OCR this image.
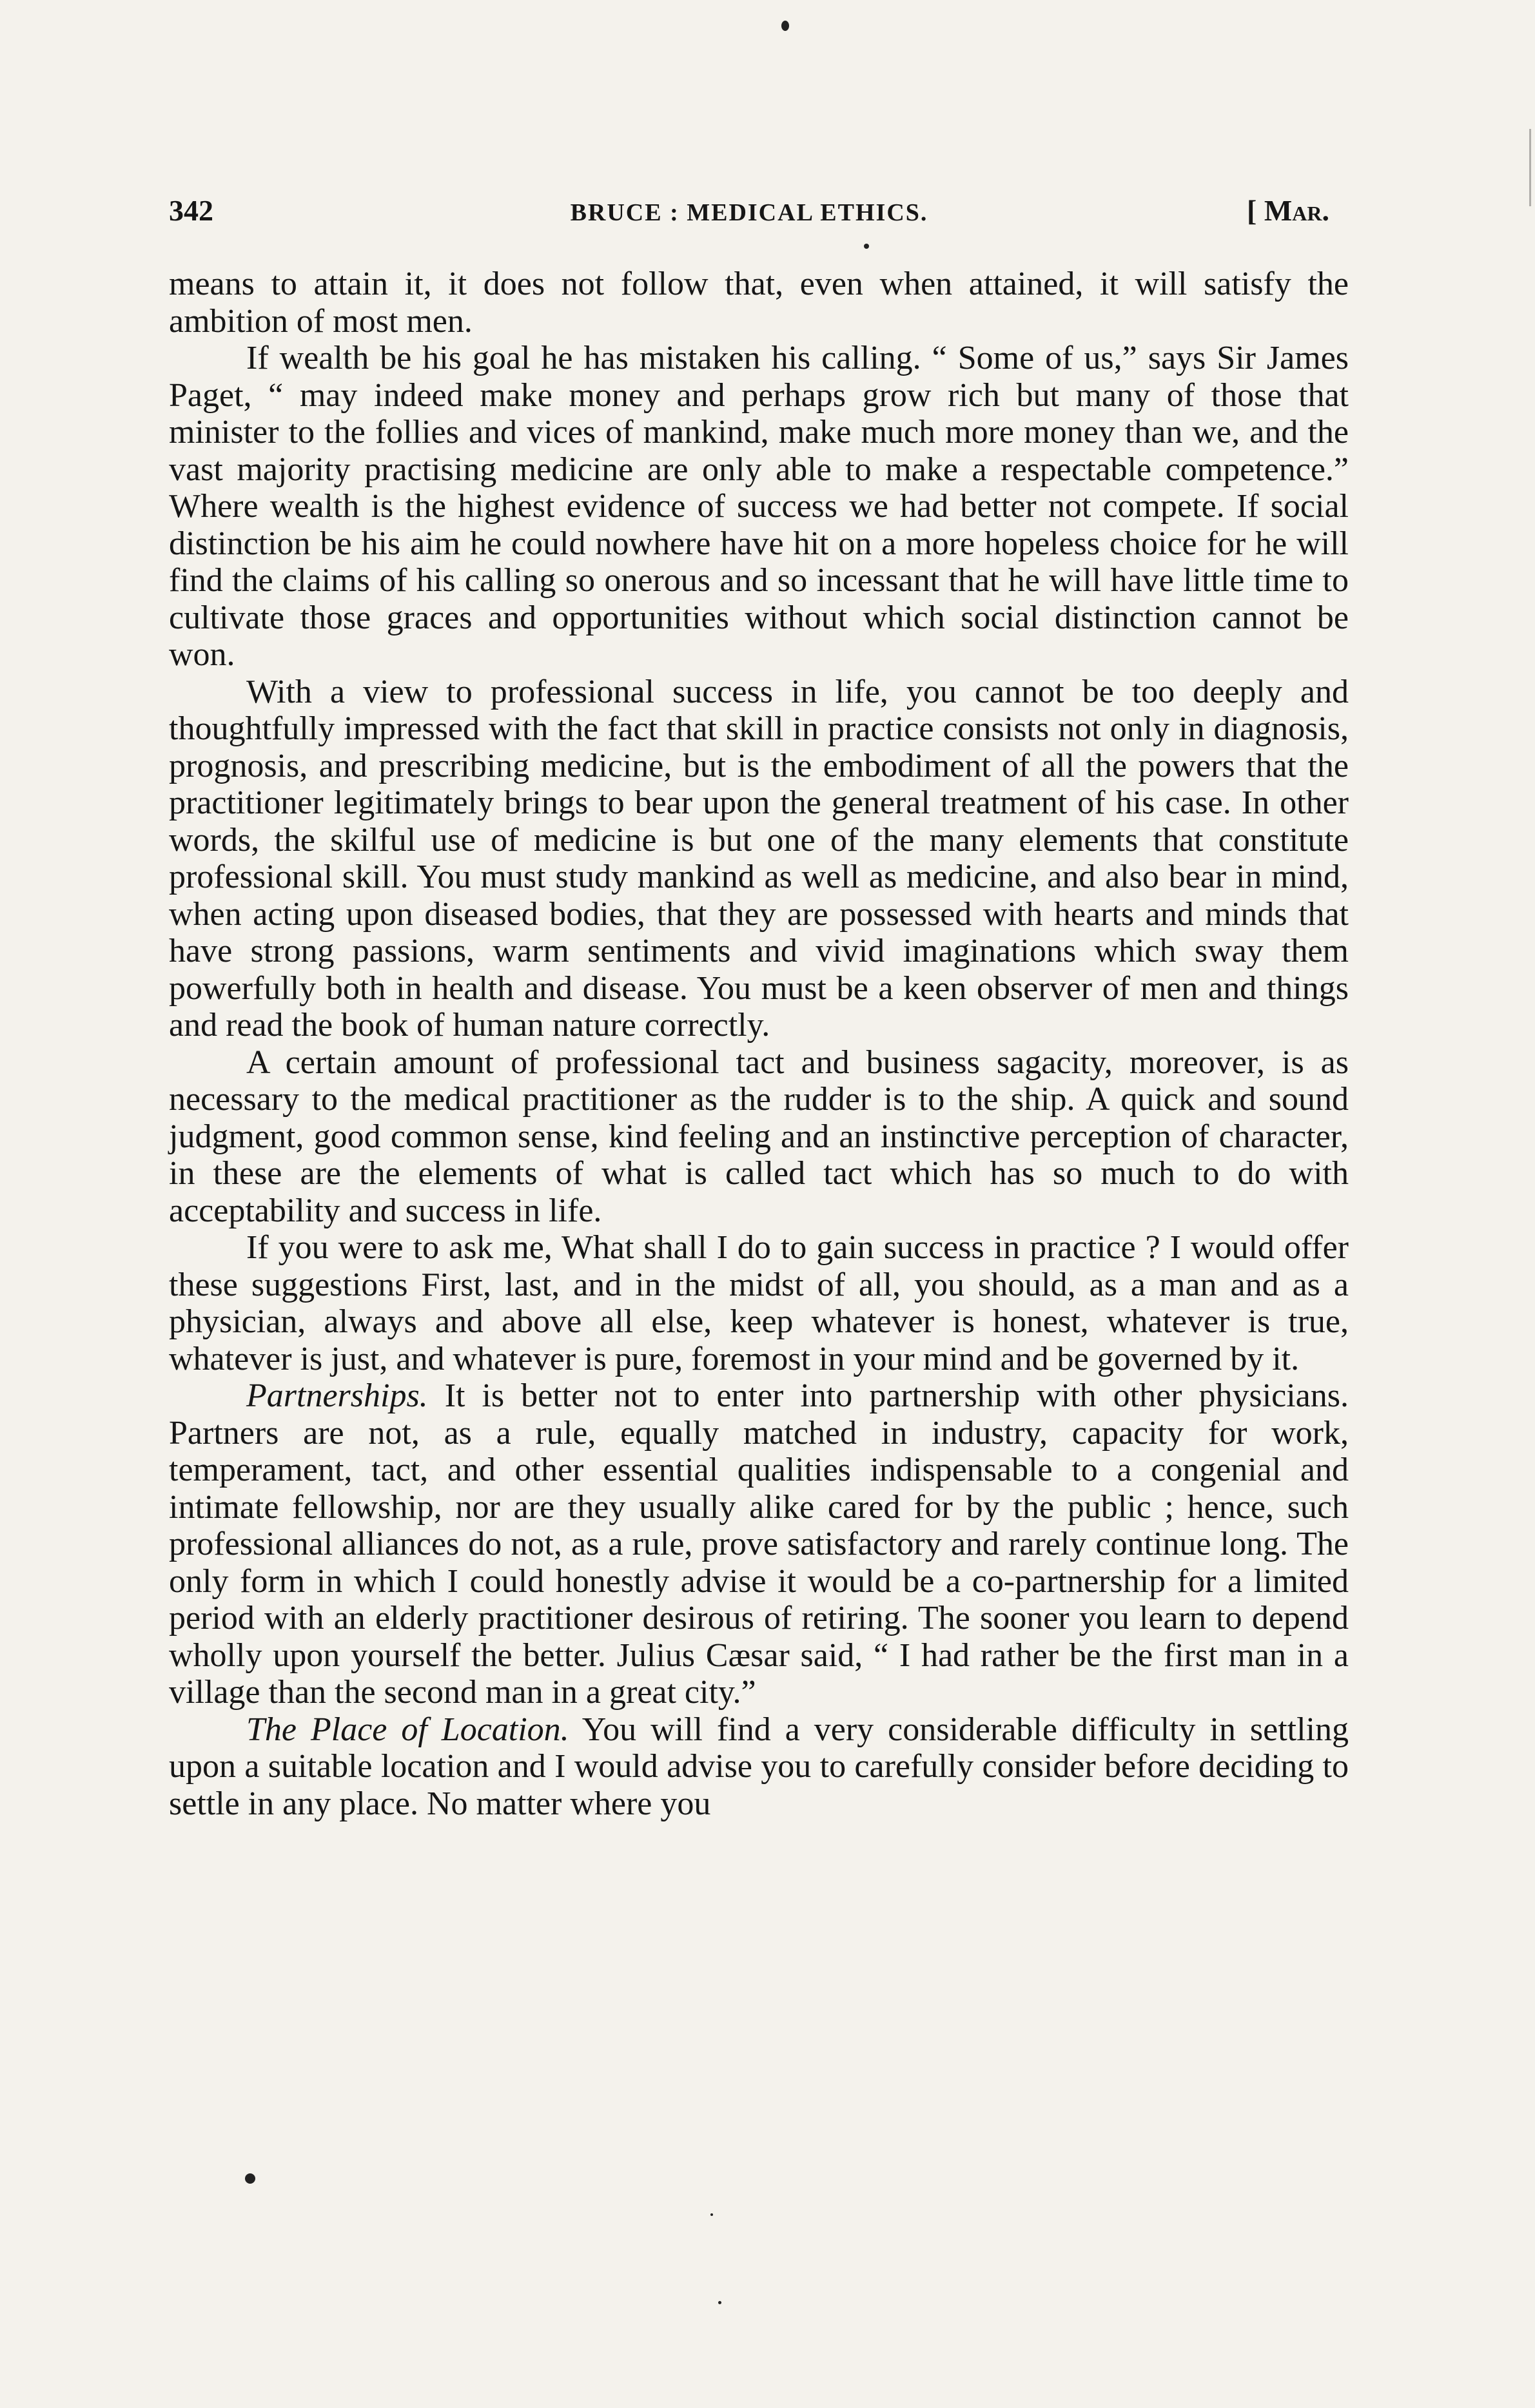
342	BRUCE : MEDICAL ETHICS.	[ Mar.

means to attain it, it does not follow that, even when attained, it will satisfy the ambition of most men.

If wealth be his goal he has mistaken his calling. “ Some of us,” says Sir James Paget, “ may indeed make money and perhaps grow rich but many of those that minister to the follies and vices of mankind, make much more money than we, and the vast majority practising medicine are only able to make a respectable competence.” Where wealth is the highest evidence of success we had better not compete. If social distinction be his aim he could nowhere have hit on a more hopeless choice for he will find the claims of his calling so onerous and so incessant that he will have little time to cultivate those graces and opportunities without which social distinction cannot be won.

With a view to professional success in life, you cannot be too deeply and thoughtfully impressed with the fact that skill in practice consists not only in diagnosis, prognosis, and prescribing medicine, but is the embodiment of all the powers that the practitioner legitimately brings to bear upon the general treatment of his case. In other words, the skilful use of medicine is but one of the many elements that constitute professional skill. You must study mankind as well as medicine, and also bear in mind, when acting upon diseased bodies, that they are possessed with hearts and minds that have strong passions, warm sentiments and vivid imaginations which sway them powerfully both in health and disease. You must be a keen observer of men and things and read the book of human nature correctly.

A certain amount of professional tact and business sagacity, moreover, is as necessary to the medical practitioner as the rudder is to the ship. A quick and sound judgment, good common sense, kind feeling and an instinctive perception of character, in these are the elements of what is called tact which has so much to do with acceptability and success in life.

If you were to ask me, What shall I do to gain success in practice ? I would offer these suggestions First, last, and in the midst of all, you should, as a man and as a physician, always and above all else, keep whatever is honest, whatever is true, whatever is just, and whatever is pure, foremost in your mind and be governed by it.

Partnerships. It is better not to enter into partnership with other physicians. Partners are not, as a rule, equally matched in industry, capacity for work, temperament, tact, and other essential qualities indispensable to a congenial and intimate fellowship, nor are they usually alike cared for by the public ; hence, such professional alliances do not, as a rule, prove satisfactory and rarely continue long. The only form in which I could honestly advise it would be a co-partnership for a limited period with an elderly practitioner desirous of retiring. The sooner you learn to depend wholly upon yourself the better. Julius Cæsar said, “ I had rather be the first man in a village than the second man in a great city.”

The Place of Location. You will find a very considerable difficulty in settling upon a suitable location and I would advise you to carefully consider before deciding to settle in any place. No matter where you
